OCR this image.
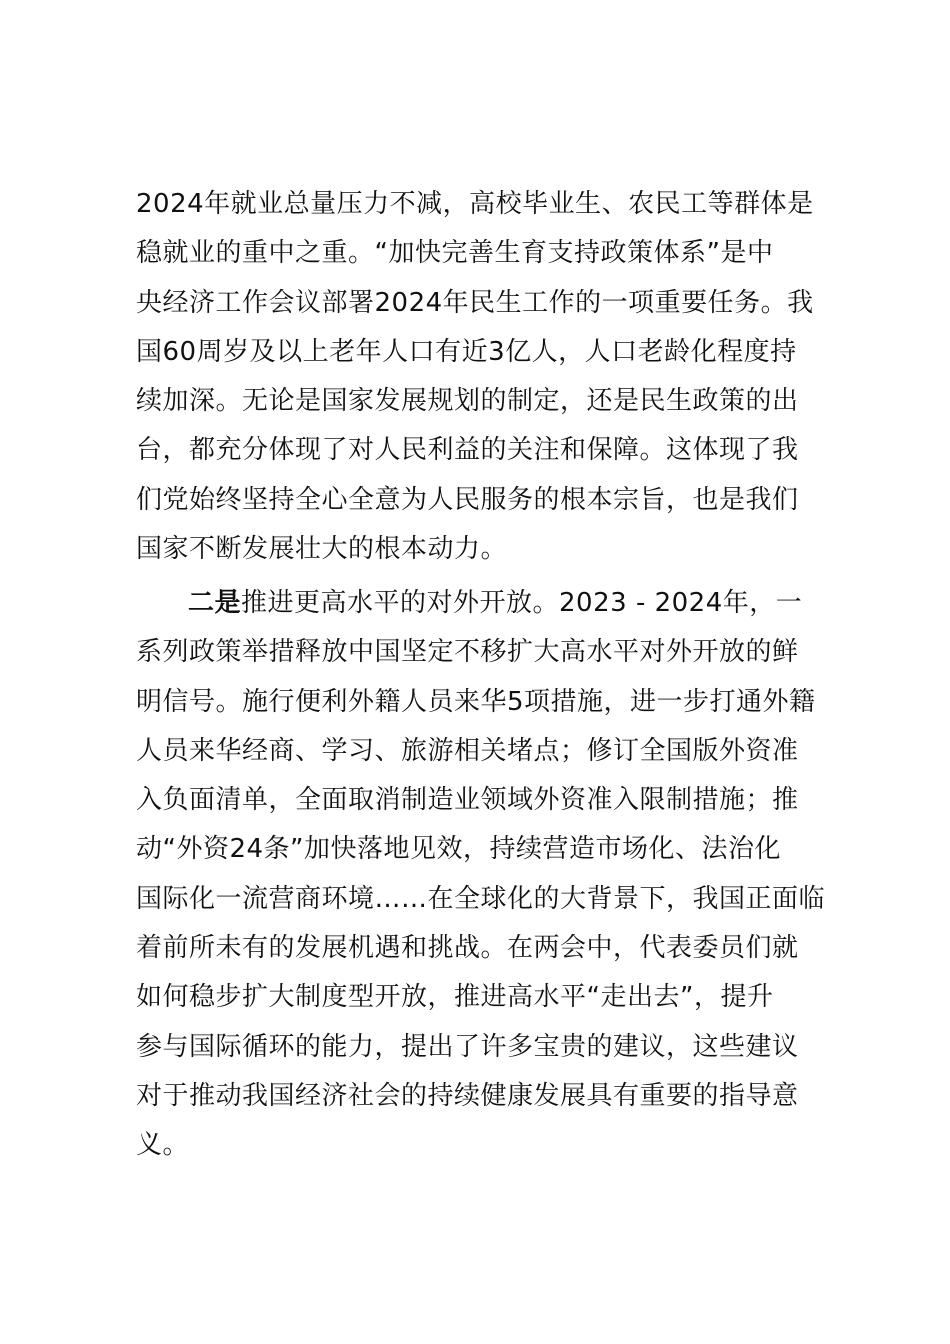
2024年就业总量压力不减，高校毕业生、农民工等群体是
稳就业的重中之重。“加快完善生育支持政策体系”是中
央经济工作会议部署2024年民生工作的一项重要任务。我
国60周岁及以上老年人口有近3亿人，人口老龄化程度持
续加深。无论是国家发展规划的制定，还是民生政策的出
台，都充分体现了对人民利益的关注和保障。这体现了我
们党始终坚持全心全意为人民服务的根本宗旨，也是我们
国家不断发展壮大的根本动力。
二是推进更高水平的对外开放。2023 - 2024年，一
系列政策举措释放中国坚定不移扩大高水平对外开放的鲜
明信号。施行便利外籍人员来华5项措施，进一步打通外籍
人员来华经商、学习、旅游相关堵点；修订全国版外资准
入负面清单，全面取消制造业领域外资准入限制措施；推
动“外资24条”加快落地见效，持续营造市场化、法治化
国际化一流营商环境……在全球化的大背景下，我国正面临
着前所未有的发展机遇和挑战。在两会中，代表委员们就
如何稳步扩大制度型开放，推进高水平“走出去”，提升
参与国际循环的能力，提出了许多宝贵的建议，这些建议
对于推动我国经济社会的持续健康发展具有重要的指导意
义。
